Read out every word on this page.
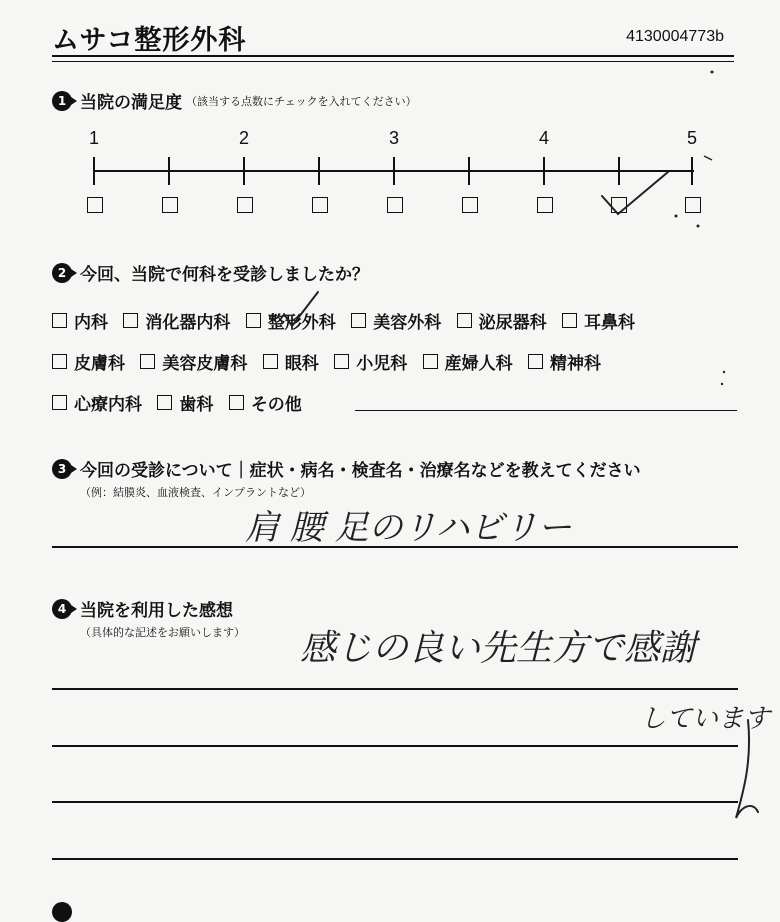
ムサコ整形外科	4130004773b
1 当院の満足度 （該当する点数にチェックを入れてください）
1	2	3	4	5
2 今回、当院で何科を受診しましたか？
内科
消化器内科
整形外科
美容外科
泌尿器科
耳鼻科
皮膚科
美容皮膚科
眼科
小児科
産婦人科
精神科
心療内科
歯科
その他
3 今回の受診について｜症状・病名・検査名・治療名などを教えてください
（例：結膜炎、血液検査、インプラントなど）
肩 腰 足のリハビリー
4 当院を利用した感想
（具体的な記述をお願いします） 感じの良い先生方で感謝
しています
